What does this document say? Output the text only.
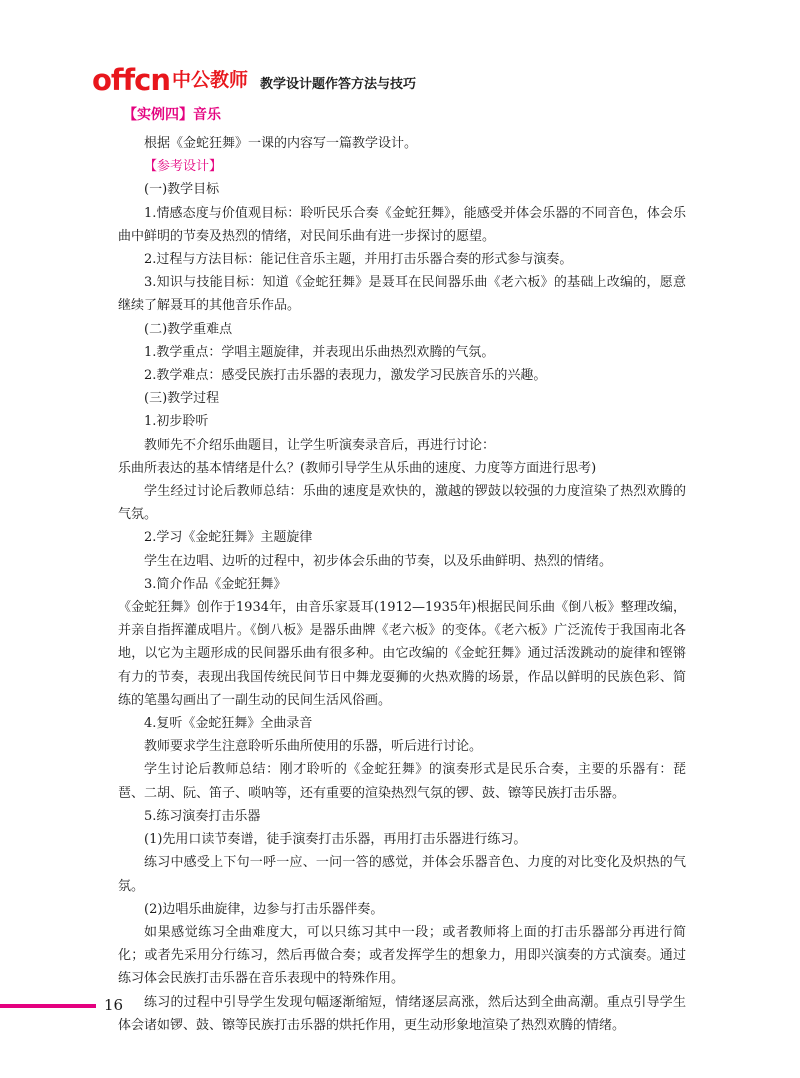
offcn 中公教师 教学设计题作答方法与技巧
【实例四】音乐

根据《金蛇狂舞》一课的内容写一篇教学设计。

【参考设计】

(一)教学目标

1.情感态度与价值观目标：聆听民乐合奏《金蛇狂舞》，能感受并体会乐器的不同音色，体会乐曲中鲜明的节奏及热烈的情绪，对民间乐曲有进一步探讨的愿望。

2.过程与方法目标：能记住音乐主题，并用打击乐器合奏的形式参与演奏。

3.知识与技能目标：知道《金蛇狂舞》是聂耳在民间器乐曲《老六板》的基础上改编的，愿意继续了解聂耳的其他音乐作品。

(二)教学重难点

1.教学重点：学唱主题旋律，并表现出乐曲热烈欢腾的气氛。

2.教学难点：感受民族打击乐器的表现力，激发学习民族音乐的兴趣。

(三)教学过程

1.初步聆听

教师先不介绍乐曲题目，让学生听演奏录音后，再进行讨论：

乐曲所表达的基本情绪是什么？(教师引导学生从乐曲的速度、力度等方面进行思考)

学生经过讨论后教师总结：乐曲的速度是欢快的，激越的锣鼓以较强的力度渲染了热烈欢腾的气氛。

2.学习《金蛇狂舞》主题旋律

学生在边唱、边听的过程中，初步体会乐曲的节奏，以及乐曲鲜明、热烈的情绪。

3.简介作品《金蛇狂舞》

《金蛇狂舞》创作于1934年，由音乐家聂耳(1912—1935年)根据民间乐曲《倒八板》整理改编，并亲自指挥灌成唱片。《倒八板》是器乐曲牌《老六板》的变体。《老六板》广泛流传于我国南北各地，以它为主题形成的民间器乐曲有很多种。由它改编的《金蛇狂舞》通过活泼跳动的旋律和铿锵有力的节奏，表现出我国传统民间节日中舞龙耍狮的火热欢腾的场景，作品以鲜明的民族色彩、简练的笔墨勾画出了一副生动的民间生活风俗画。

4.复听《金蛇狂舞》全曲录音

教师要求学生注意聆听乐曲所使用的乐器，听后进行讨论。

学生讨论后教师总结：刚才聆听的《金蛇狂舞》的演奏形式是民乐合奏，主要的乐器有：琵琶、二胡、阮、笛子、唢呐等，还有重要的渲染热烈气氛的锣、鼓、镲等民族打击乐器。

5.练习演奏打击乐器

(1)先用口读节奏谱，徒手演奏打击乐器，再用打击乐器进行练习。

练习中感受上下句一呼一应、一问一答的感觉，并体会乐器音色、力度的对比变化及炽热的气氛。

(2)边唱乐曲旋律，边参与打击乐器伴奏。

如果感觉练习全曲难度大，可以只练习其中一段；或者教师将上面的打击乐器部分再进行简化；或者先采用分行练习，然后再做合奏；或者发挥学生的想象力，用即兴演奏的方式演奏。通过练习体会民族打击乐器在音乐表现中的特殊作用。

练习的过程中引导学生发现句幅逐渐缩短，情绪逐层高涨，然后达到全曲高潮。重点引导学生体会诸如锣、鼓、镲等民族打击乐器的烘托作用，更生动形象地渲染了热烈欢腾的情绪。

16
